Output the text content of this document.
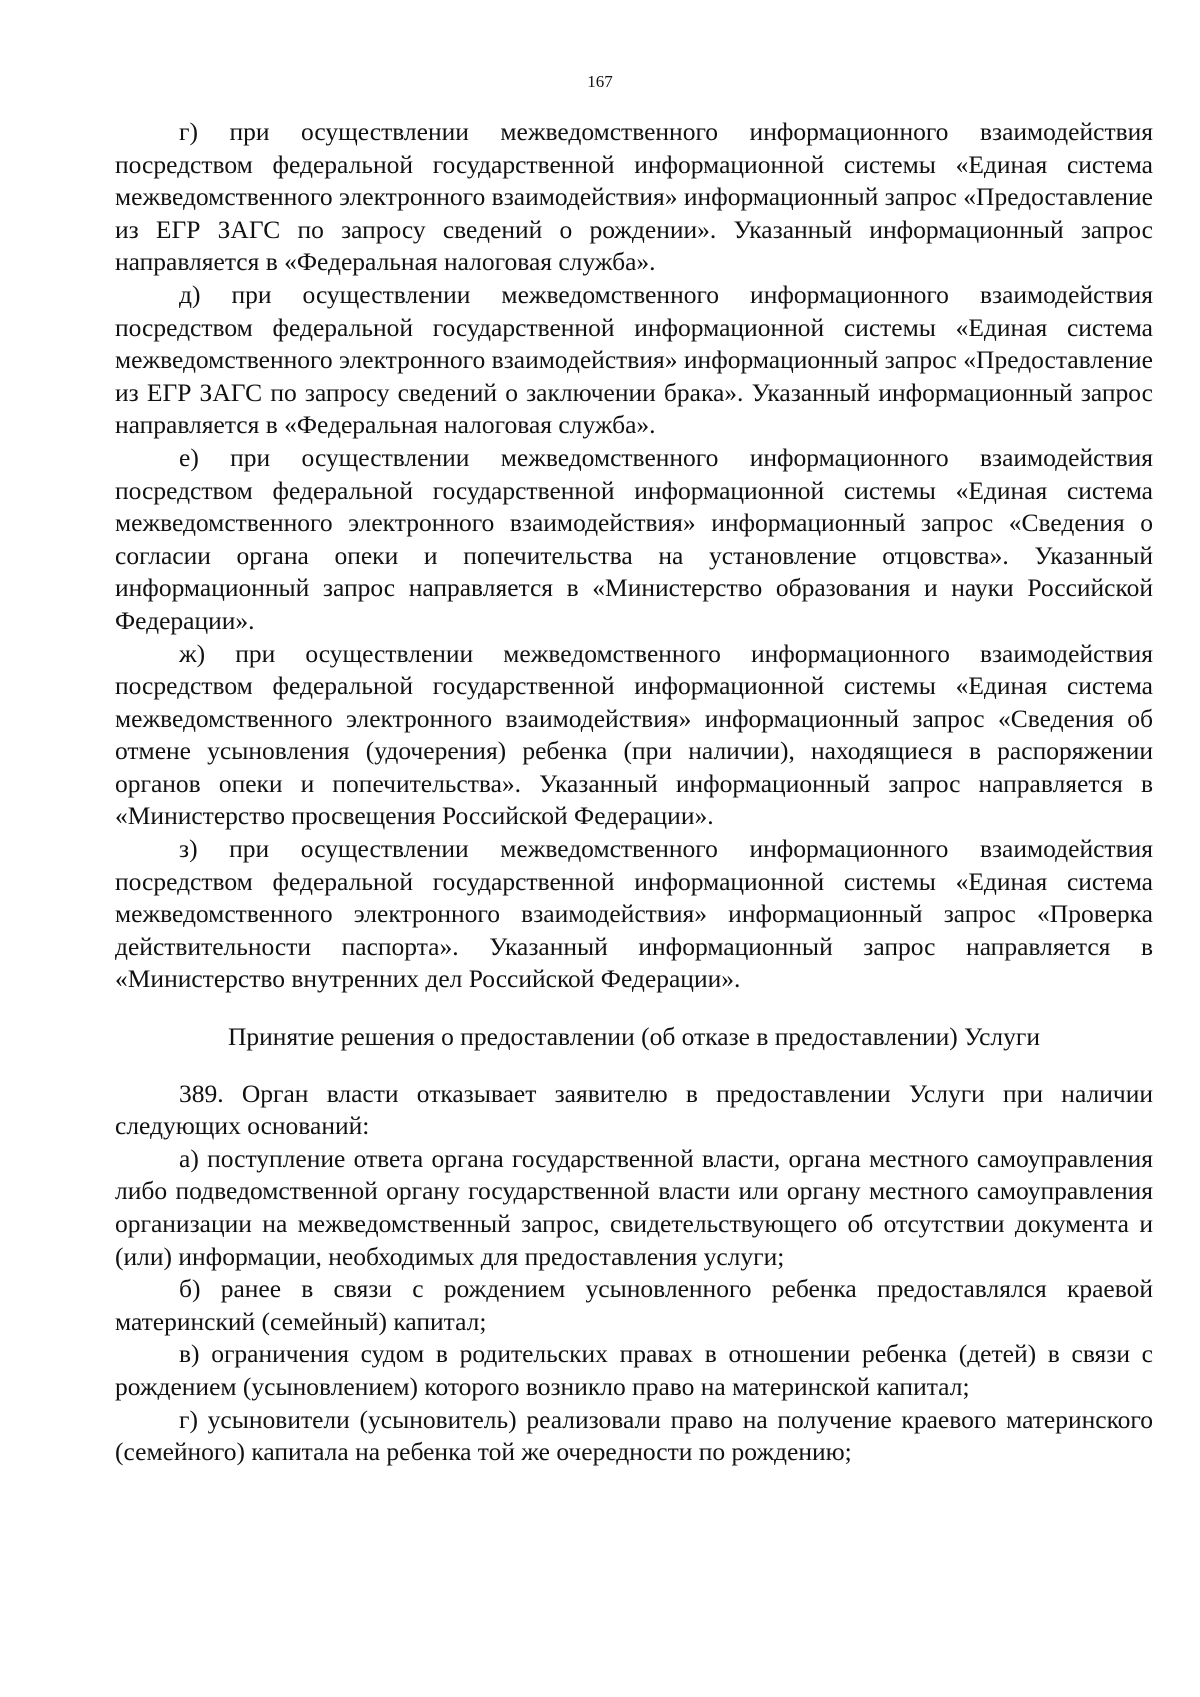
167

г) при осуществлении межведомственного информационного взаимодействия посредством федеральной государственной информационной системы «Единая система межведомственного электронного взаимодействия» информационный запрос «Предоставление из ЕГР ЗАГС по запросу сведений о рождении». Указанный информационный запрос направляется в «Федеральная налоговая служба».

д) при осуществлении межведомственного информационного взаимодействия посредством федеральной государственной информационной системы «Единая система межведомственного электронного взаимодействия» информационный запрос «Предоставление из ЕГР ЗАГС по запросу сведений о заключении брака». Указанный информационный запрос направляется в «Федеральная налоговая служба».

е) при осуществлении межведомственного информационного взаимодействия посредством федеральной государственной информационной системы «Единая система межведомственного электронного взаимодействия» информационный запрос «Сведения о согласии органа опеки и попечительства на установление отцовства». Указанный информационный запрос направляется в «Министерство образования и науки Российской Федерации».

ж) при осуществлении межведомственного информационного взаимодействия посредством федеральной государственной информационной системы «Единая система межведомственного электронного взаимодействия» информационный запрос «Сведения об отмене усыновления (удочерения) ребенка (при наличии), находящиеся в распоряжении органов опеки и попечительства». Указанный информационный запрос направляется в «Министерство просвещения Российской Федерации».

з) при осуществлении межведомственного информационного взаимодействия посредством федеральной государственной информационной системы «Единая система межведомственного электронного взаимодействия» информационный запрос «Проверка действительности паспорта». Указанный информационный запрос направляется в «Министерство внутренних дел Российской Федерации».

Принятие решения о предоставлении (об отказе в предоставлении) Услуги

389. Орган власти отказывает заявителю в предоставлении Услуги при наличии следующих оснований:

а) поступление ответа органа государственной власти, органа местного самоуправления либо подведомственной органу государственной власти или органу местного самоуправления организации на межведомственный запрос, свидетельствующего об отсутствии документа и (или) информации, необходимых для предоставления услуги;

б) ранее в связи с рождением усыновленного ребенка предоставлялся краевой материнский (семейный) капитал;

в) ограничения судом в родительских правах в отношении ребенка (детей) в связи с рождением (усыновлением) которого возникло право на материнской капитал;

г) усыновители (усыновитель) реализовали право на получение краевого материнского (семейного) капитала на ребенка той же очередности по рождению;
